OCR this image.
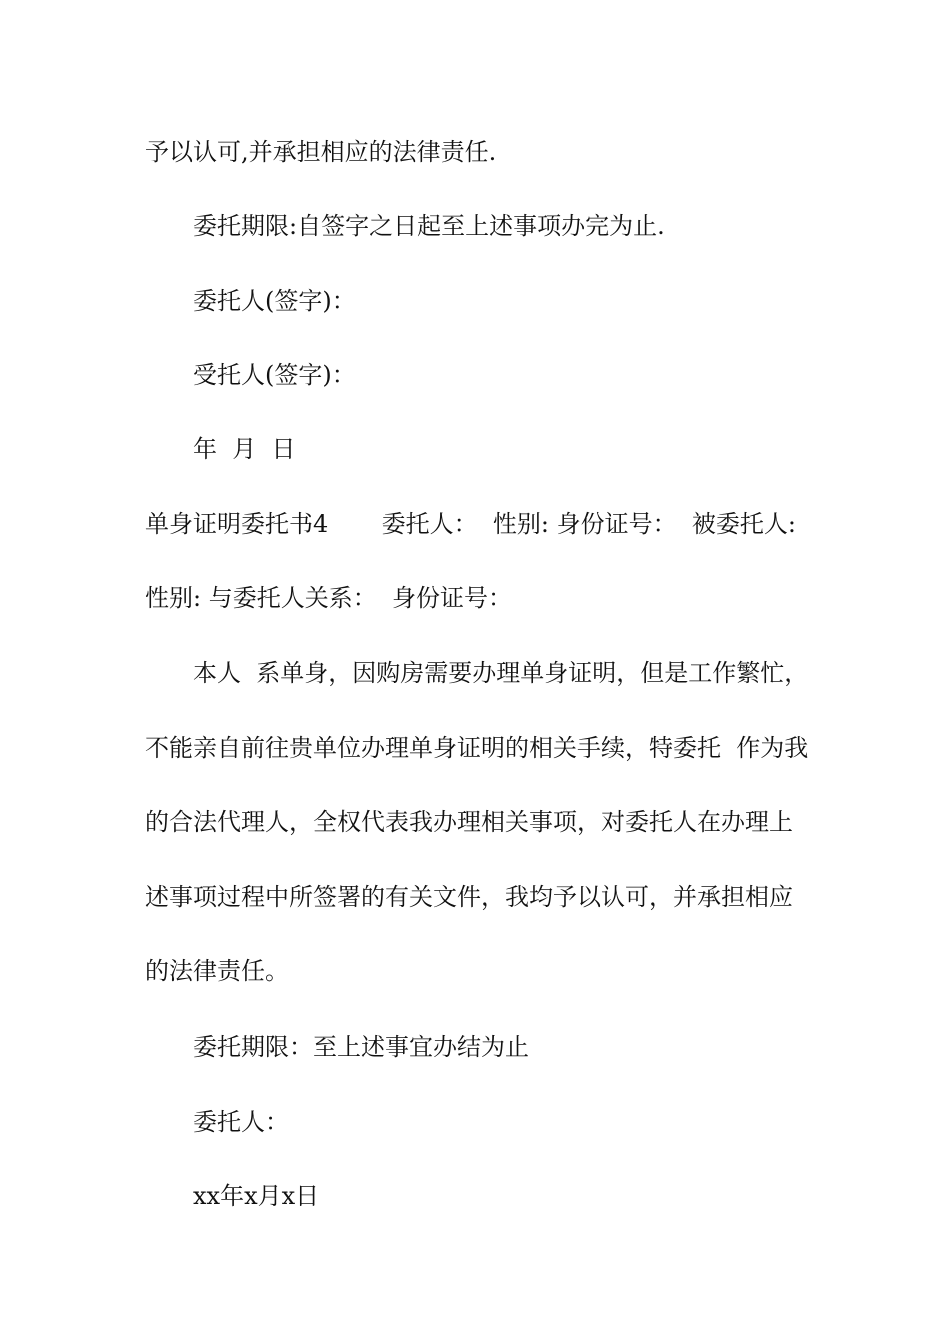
予以认可,并承担相应的法律责任.
委托期限:自签字之日起至上述事项办完为止.
委托人(签字)：
受托人(签字)：
年  月  日
单身证明委托书4       委托人：  性别: 身份证号：  被委托人:
性别: 与委托人关系：  身份证号：
本人  系单身，因购房需要办理单身证明，但是工作繁忙，
不能亲自前往贵单位办理单身证明的相关手续，特委托  作为我
的合法代理人，全权代表我办理相关事项，对委托人在办理上
述事项过程中所签署的有关文件，我均予以认可，并承担相应
的法律责任。
委托期限：至上述事宜办结为止
委托人：
xx年x月x日
